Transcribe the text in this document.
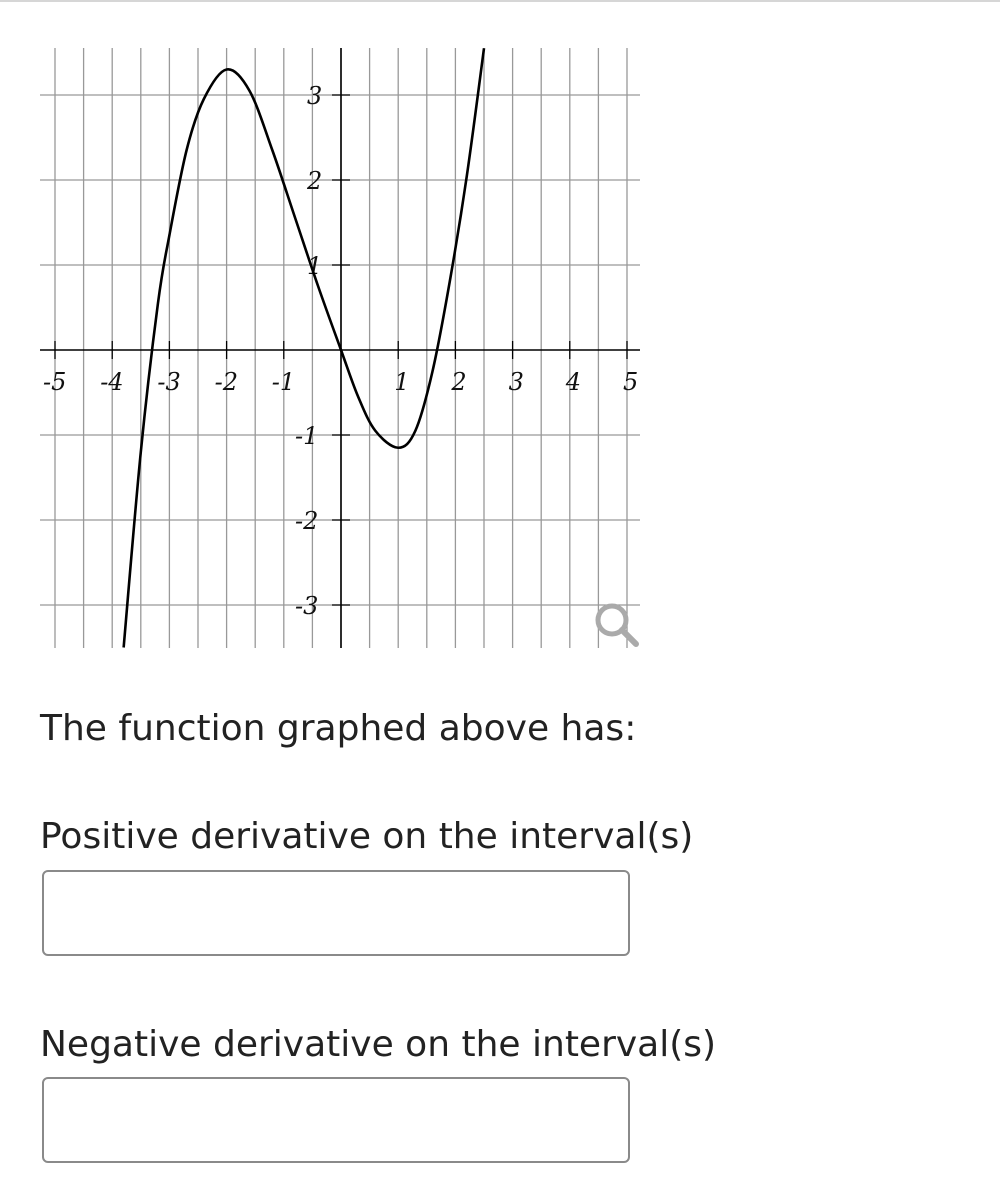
-5 -4 -3 -2 -1	1 2 3 4 5
3
2
1
-1
-2
-3

The function graphed above has:

Positive derivative on the interval(s)

Negative derivative on the interval(s)
